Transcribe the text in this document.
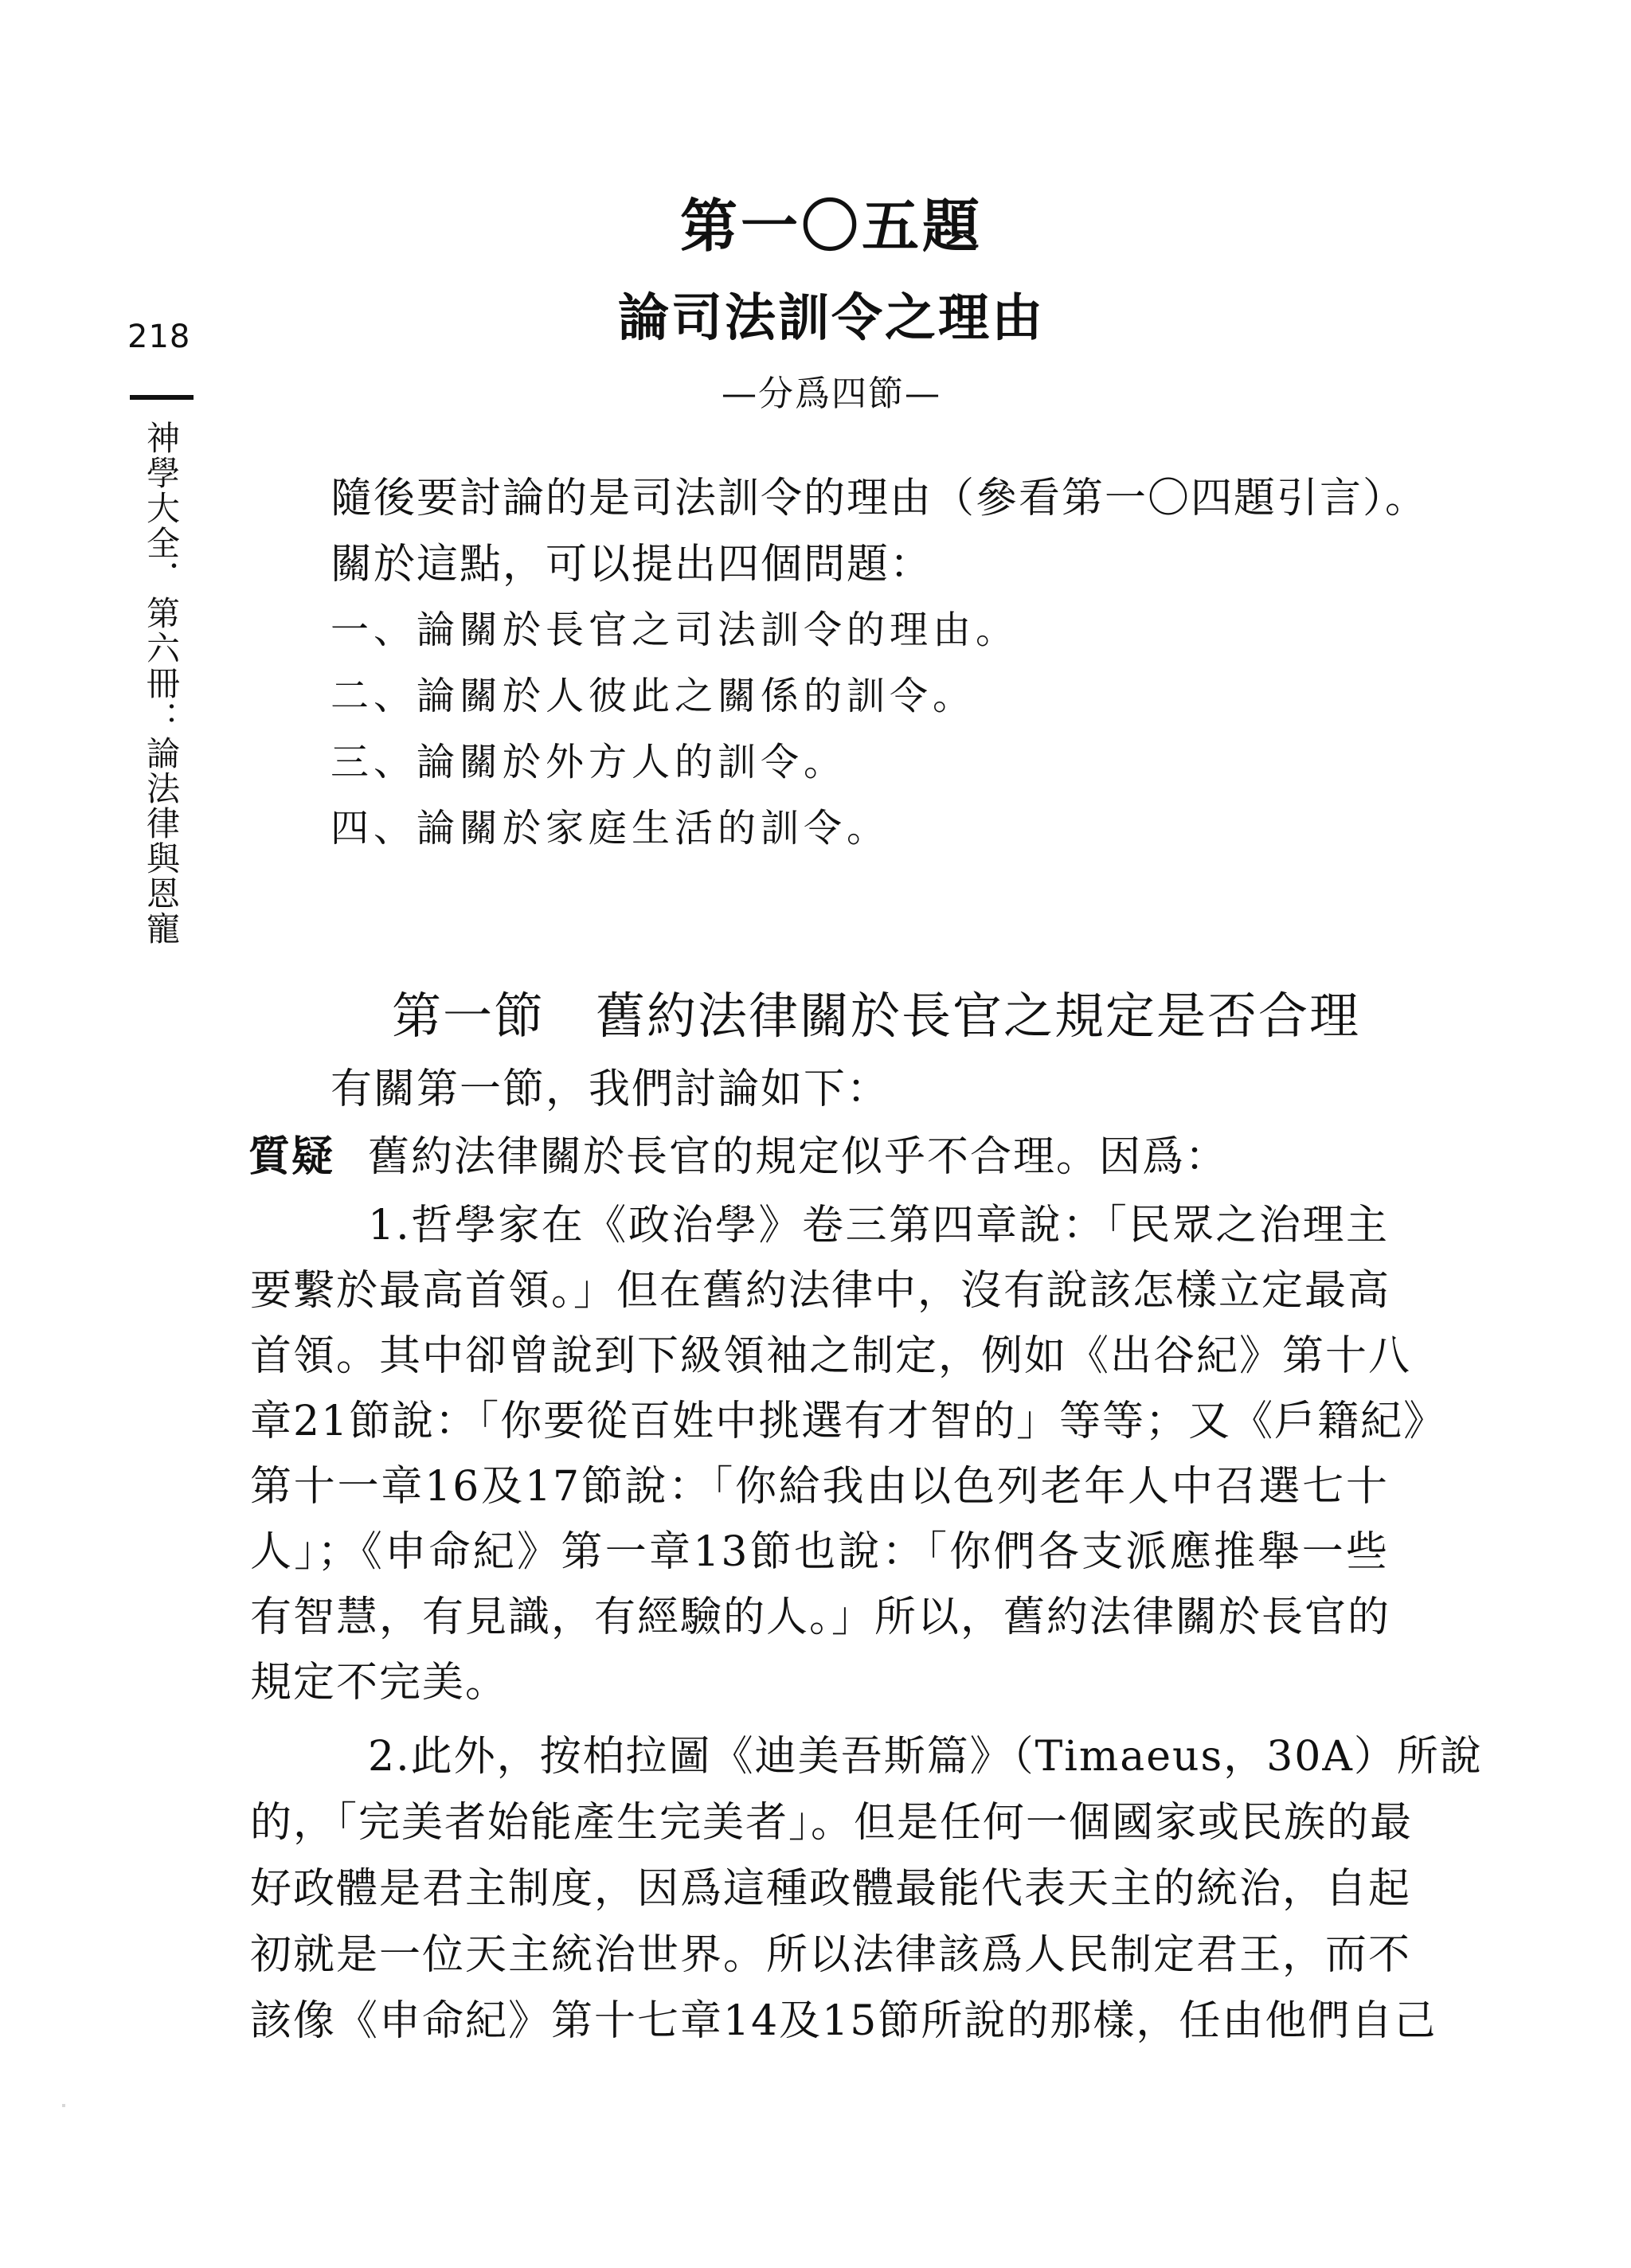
218
神學大全．第六冊：論法律與恩寵
第一〇五題
論司法訓令之理由
—分爲四節—
隨後要討論的是司法訓令的理由（參看第一〇四題引言）。
關於這點，可以提出四個問題：
一、論關於長官之司法訓令的理由。
二、論關於人彼此之關係的訓令。
三、論關於外方人的訓令。
四、論關於家庭生活的訓令。
第一節　舊約法律關於長官之規定是否合理
有關第一節，我們討論如下：
質疑 舊約法律關於長官的規定似乎不合理。因爲：
1.哲學家在《政治學》卷三第四章說：「民眾之治理主
要繫於最高首領。」但在舊約法律中，沒有說該怎樣立定最高
首領。其中卻曾說到下級領袖之制定，例如《出谷紀》第十八
章21節說：「你要從百姓中挑選有才智的」等等；又《戶籍紀》
第十一章16及17節說：「你給我由以色列老年人中召選七十
人」；《申命紀》第一章13節也說：「你們各支派應推舉一些
有智慧，有見識，有經驗的人。」所以，舊約法律關於長官的
規定不完美。
2.此外，按柏拉圖《迪美吾斯篇》（Timaeus，30A）所說
的，「完美者始能產生完美者」。但是任何一個國家或民族的最
好政體是君主制度，因爲這種政體最能代表天主的統治，自起
初就是一位天主統治世界。所以法律該爲人民制定君王，而不
該像《申命紀》第十七章14及15節所說的那樣，任由他們自己
